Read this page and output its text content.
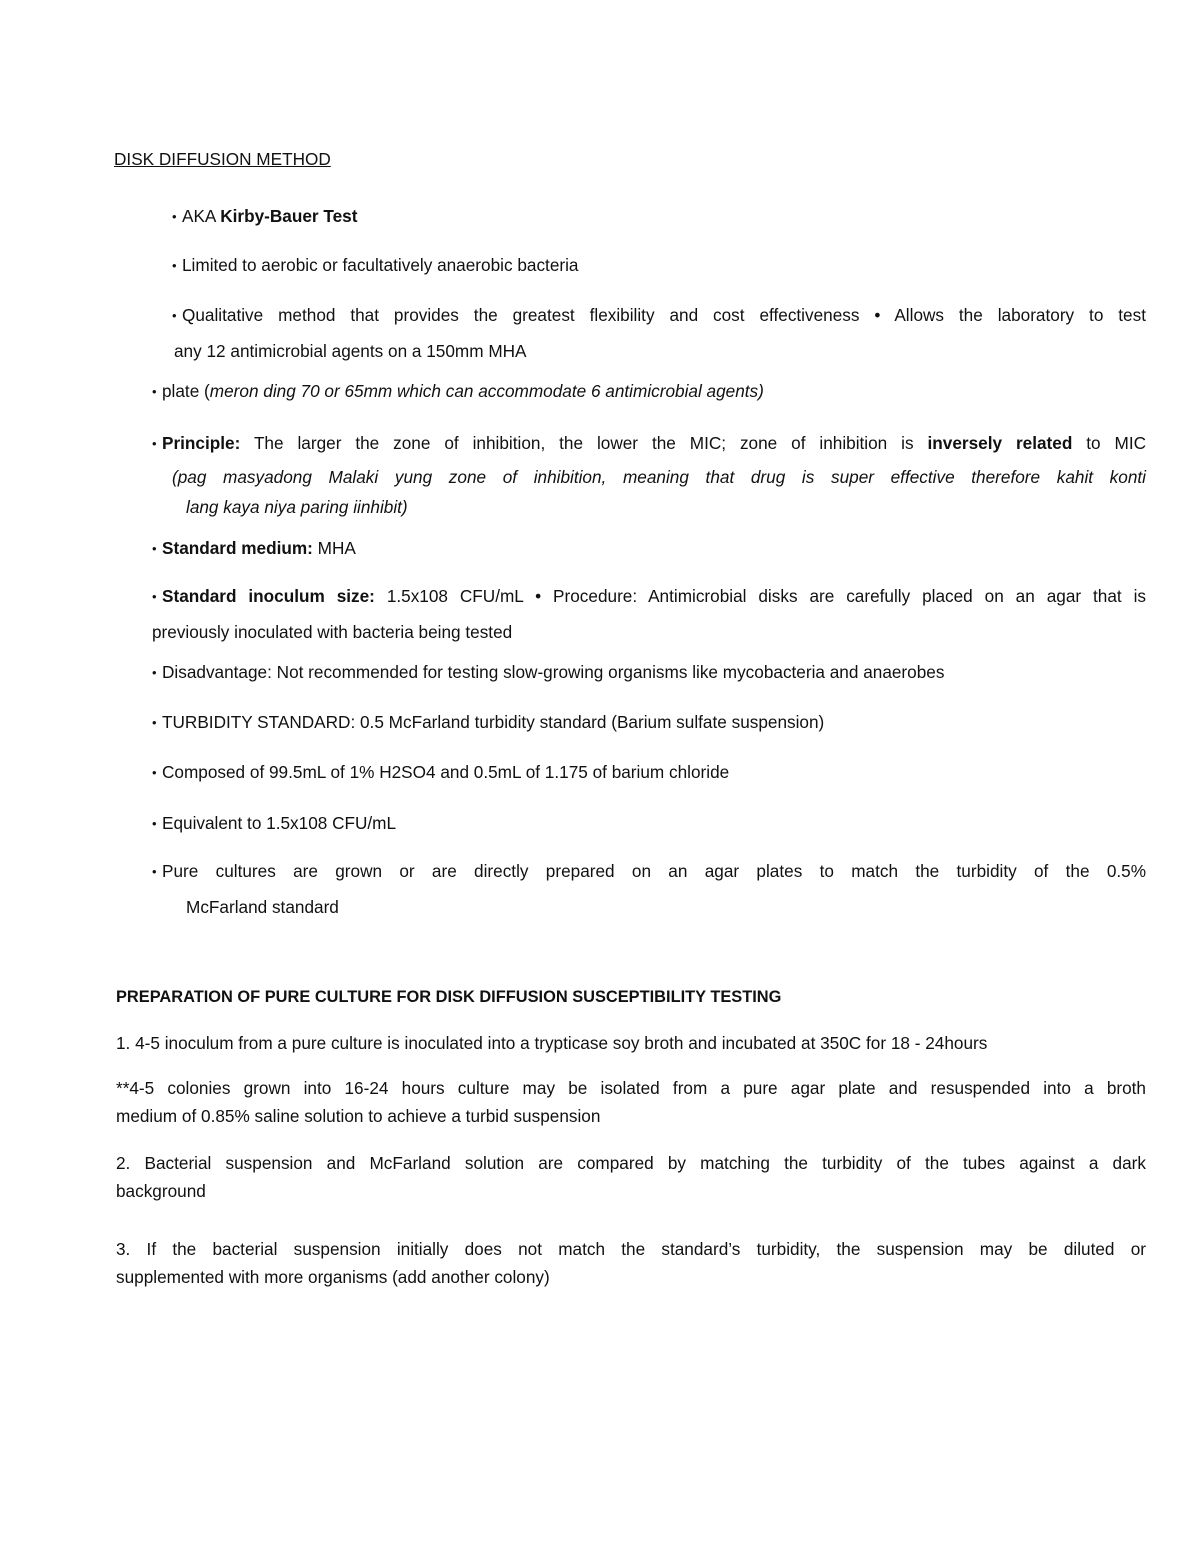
DISK DIFFUSION METHOD
• AKA Kirby-Bauer Test
• Limited to aerobic or facultatively anaerobic bacteria
• Qualitative method that provides the greatest flexibility and cost effectiveness • Allows the laboratory to test
any 12 antimicrobial agents on a 150mm MHA
• plate (meron ding 70 or 65mm which can accommodate 6 antimicrobial agents)
• Principle: The larger the zone of inhibition, the lower the MIC; zone of inhibition is inversely related to MIC
(pag masyadong Malaki yung zone of inhibition, meaning that drug is super effective therefore kahit konti
lang kaya niya paring iinhibit)
• Standard medium: MHA
• Standard inoculum size: 1.5x108 CFU/mL • Procedure: Antimicrobial disks are carefully placed on an agar that is
previously inoculated with bacteria being tested
• Disadvantage: Not recommended for testing slow-growing organisms like mycobacteria and anaerobes
• TURBIDITY STANDARD: 0.5 McFarland turbidity standard (Barium sulfate suspension)
• Composed of 99.5mL of 1% H2SO4 and 0.5mL of 1.175 of barium chloride
• Equivalent to 1.5x108 CFU/mL
• Pure cultures are grown or are directly prepared on an agar plates to match the turbidity of the 0.5%
McFarland standard
PREPARATION OF PURE CULTURE FOR DISK DIFFUSION SUSCEPTIBILITY TESTING
1. 4-5 inoculum from a pure culture is inoculated into a trypticase soy broth and incubated at 350C for 18 - 24hours
**4-5 colonies grown into 16-24 hours culture may be isolated from a pure agar plate and resuspended into a broth
medium of 0.85% saline solution to achieve a turbid suspension
2. Bacterial suspension and McFarland solution are compared by matching the turbidity of the tubes against a dark
background
3. If the bacterial suspension initially does not match the standard’s turbidity, the suspension may be diluted or
supplemented with more organisms (add another colony)
